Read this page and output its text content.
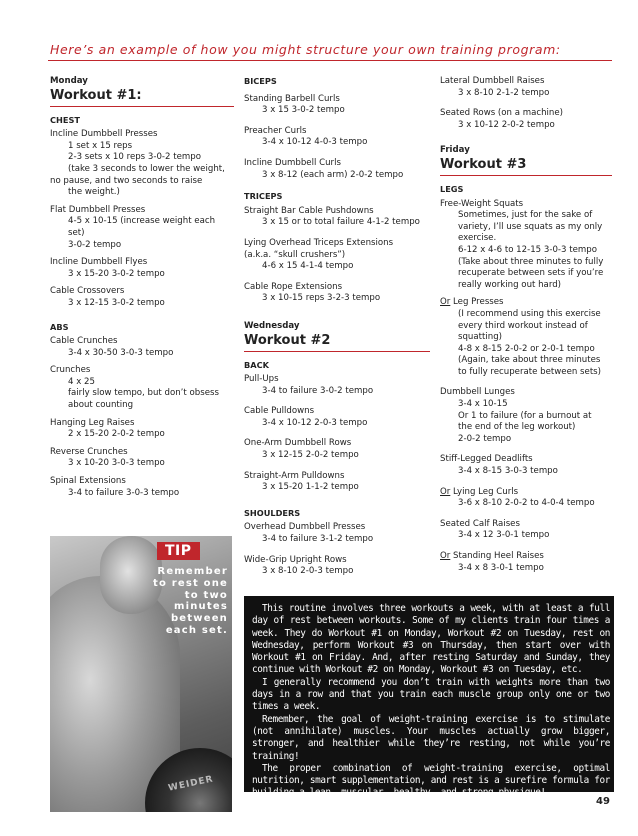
Here’s an example of how you might structure your own training program:
Monday
Workout #1:
CHEST
Incline Dumbbell Presses
1 set x 15 reps
2-3 sets x 10 reps 3-0-2 tempo
(take 3 seconds to lower the weight,
no pause, and two seconds to raise
the weight.)
Flat Dumbbell Presses
4-5 x 10-15 (increase weight each set)
3-0-2 tempo
Incline Dumbbell Flyes
3 x 15-20 3-0-2 tempo
Cable Crossovers
3 x 12-15 3-0-2 tempo
ABS
Cable Crunches
3-4 x 30-50 3-0-3 tempo
Crunches
4 x 25
fairly slow tempo, but don’t obsess
about counting
Hanging Leg Raises
2 x 15-20 2-0-2 tempo
Reverse Crunches
3 x 10-20 3-0-3 tempo
Spinal Extensions
3-4 to failure 3-0-3 tempo
BICEPS
Standing Barbell Curls
3 x 15 3-0-2 tempo
Preacher Curls
3-4 x 10-12 4-0-3 tempo
Incline Dumbbell Curls
3 x 8-12 (each arm) 2-0-2 tempo
TRICEPS
Straight Bar Cable Pushdowns
3 x 15 or to total failure 4-1-2 tempo
Lying Overhead Triceps Extensions
(a.k.a. “skull crushers”)
4-6 x 15 4-1-4 tempo
Cable Rope Extensions
3 x 10-15 reps 3-2-3 tempo
Wednesday
Workout #2
BACK
Pull-Ups
3-4 to failure 3-0-2 tempo
Cable Pulldowns
3-4 x 10-12 2-0-3 tempo
One-Arm Dumbbell Rows
3 x 12-15 2-0-2 tempo
Straight-Arm Pulldowns
3 x 15-20 1-1-2 tempo
SHOULDERS
Overhead Dumbbell Presses
3-4 to failure 3-1-2 tempo
Wide-Grip Upright Rows
3 x 8-10 2-0-3 tempo
Lateral Dumbbell Raises
3 x 8-10 2-1-2 tempo
Seated Rows (on a machine)
3 x 10-12 2-0-2 tempo
Friday
Workout #3
LEGS
Free-Weight Squats
Sometimes, just for the sake of
variety, I’ll use squats as my only
exercise.
6-12 x 4-6 to 12-15 3-0-3 tempo
(Take about three minutes to fully
recuperate between sets if you’re
really working out hard)
Or Leg Presses
(I recommend using this exercise
every third workout instead of
squatting)
4-8 x 8-15 2-0-2 or 2-0-1 tempo
(Again, take about three minutes
to fully recuperate between sets)
Dumbbell Lunges
3-4 x 10-15
Or 1 to failure (for a burnout at
the end of the leg workout)
2-0-2 tempo
Stiff-Legged Deadlifts
3-4 x 8-15 3-0-3 tempo
Or Lying Leg Curls
3-6 x 8-10 2-0-2 to 4-0-4 tempo
Seated Calf Raises
3-4 x 12 3-0-1 tempo
Or Standing Heel Raises
3-4 x 8 3-0-1 tempo
WEIDER
TIP
Remember
to rest one
to two
minutes
between
each set.

This routine involves three workouts a week, with at least a full day of rest between workouts. Some of my clients train four times a week. They do Workout #1 on Monday, Workout #2 on Tuesday, rest on Wednesday, perform Workout #3 on Thursday, then start over with Workout #1 on Friday. And, after resting Saturday and Sunday, they continue with Workout #2 on Monday, Workout #3 on Tuesday, etc.

I generally recommend you don’t train with weights more than two days in a row and that you train each muscle group only one or two times a week.

Remember, the goal of weight-training exercise is to stimulate (not annihilate) muscles. Your muscles actually grow bigger, stronger, and healthier while they’re resting, not while you’re training!

The proper combination of weight-training exercise, optimal nutrition, smart supplementation, and rest is a surefire formula for building a lean, muscular, healthy, and strong physique!

49
